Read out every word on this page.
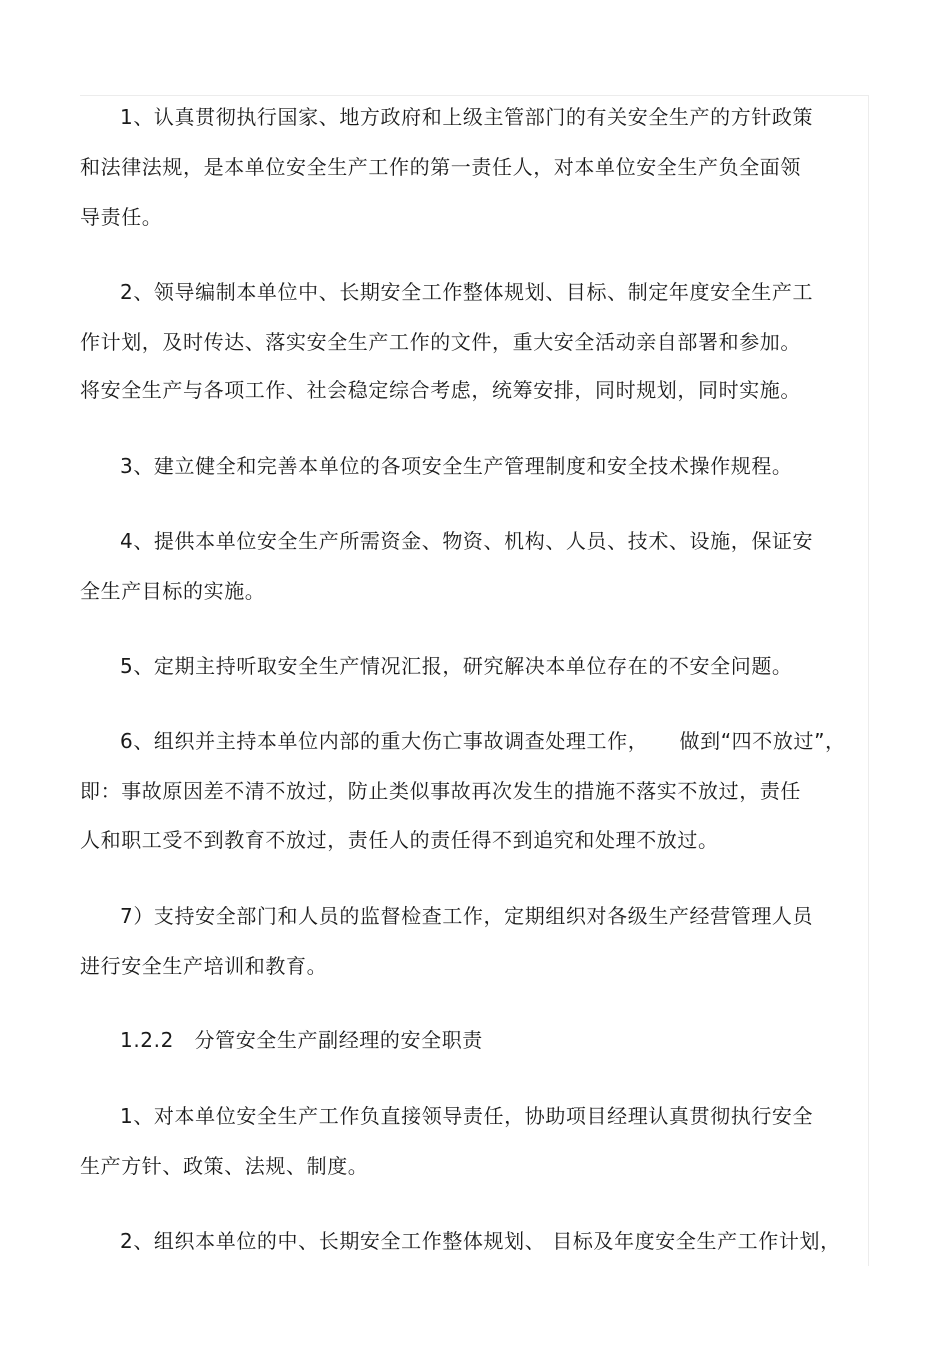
1、认真贯彻执行国家、地方政府和上级主管部门的有关安全生产的方针政策
和法律法规，是本单位安全生产工作的第一责任人，对本单位安全生产负全面领
导责任。
2、领导编制本单位中、长期安全工作整体规划、目标、制定年度安全生产工
作计划，及时传达、落实安全生产工作的文件，重大安全活动亲自部署和参加。
将安全生产与各项工作、社会稳定综合考虑，统筹安排，同时规划，同时实施。
3、建立健全和完善本单位的各项安全生产管理制度和安全技术操作规程。
4、提供本单位安全生产所需资金、物资、机构、人员、技术、设施，保证安
全生产目标的实施。
5、定期主持听取安全生产情况汇报，研究解决本单位存在的不安全问题。
6、组织并主持本单位内部的重大伤亡事故调查处理工作，　　做到“四不放过”，
即：事故原因差不清不放过，防止类似事故再次发生的措施不落实不放过，责任
人和职工受不到教育不放过，责任人的责任得不到追究和处理不放过。
7）支持安全部门和人员的监督检查工作，定期组织对各级生产经营管理人员
进行安全生产培训和教育。
1.2.2　分管安全生产副经理的安全职责
1、对本单位安全生产工作负直接领导责任，协助项目经理认真贯彻执行安全
生产方针、政策、法规、制度。
2、组织本单位的中、长期安全工作整体规划、 目标及年度安全生产工作计划，
